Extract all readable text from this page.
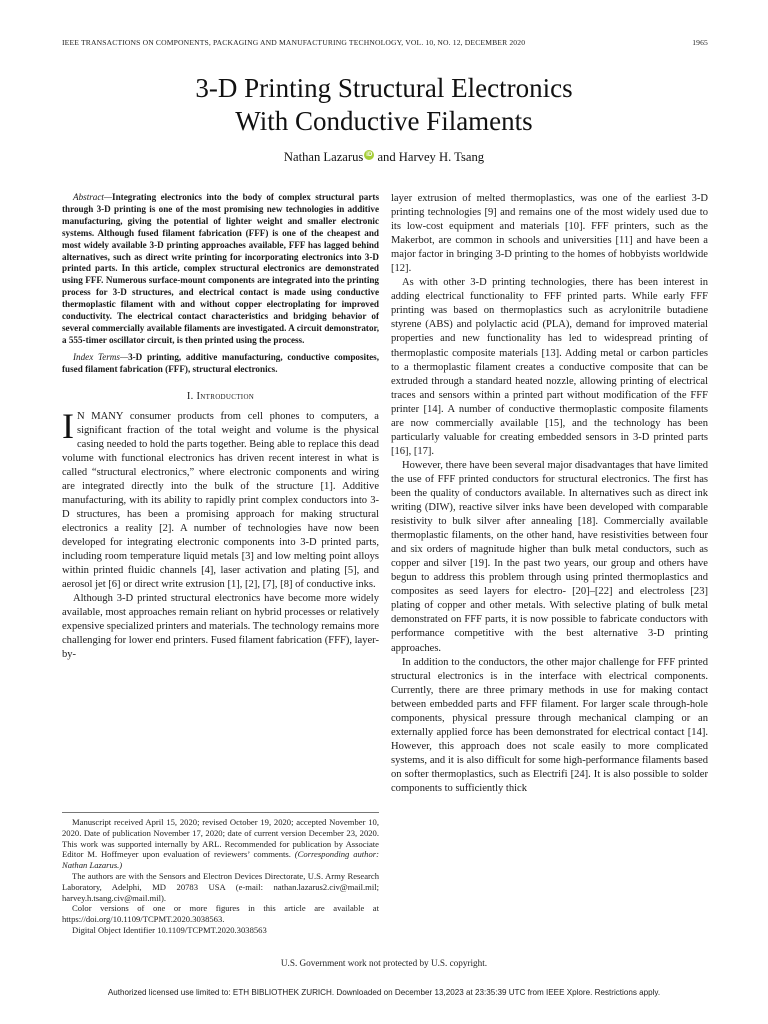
IEEE TRANSACTIONS ON COMPONENTS, PACKAGING AND MANUFACTURING TECHNOLOGY, VOL. 10, NO. 12, DECEMBER 2020	1965
3-D Printing Structural Electronics
With Conductive Filaments
Nathan Lazarus iD and Harvey H. Tsang
Abstract—Integrating electronics into the body of complex structural parts through 3-D printing is one of the most promising new technologies in additive manufacturing, giving the potential of lighter weight and smaller electronic systems. Although fused filament fabrication (FFF) is one of the cheapest and most widely available 3-D printing approaches available, FFF has lagged behind alternatives, such as direct write printing for incorporating electronics into 3-D printed parts. In this article, complex structural electronics are demonstrated using FFF. Numerous surface-mount components are integrated into the printing process for 3-D structures, and electrical contact is made using conductive thermoplastic filament with and without copper electroplating for improved conductivity. The electrical contact characteristics and bridging behavior of several commercially available filaments are investigated. A circuit demonstrator, a 555-timer oscillator circuit, is then printed using the process.
Index Terms—3-D printing, additive manufacturing, conductive composites, fused filament fabrication (FFF), structural electronics.
I. Introduction
I N MANY consumer products from cell phones to computers, a significant fraction of the total weight and volume is the physical casing needed to hold the parts together. Being able to replace this dead volume with functional electronics has driven recent interest in what is called “structural electronics,” where electronic components and wiring are integrated directly into the bulk of the structure [1]. Additive manufacturing, with its ability to rapidly print complex conductors into 3-D structures, has been a promising approach for making structural electronics a reality [2]. A number of technologies have now been developed for integrating electronic components into 3-D printed parts, including room temperature liquid metals [3] and low melting point alloys within printed fluidic channels [4], laser activation and plating [5], and aerosol jet [6] or direct write extrusion [1], [2], [7], [8] of conductive inks.
Although 3-D printed structural electronics have become more widely available, most approaches remain reliant on hybrid processes or relatively expensive specialized printers and materials. The technology remains more challenging for lower end printers. Fused filament fabrication (FFF), layer-by-
Manuscript received April 15, 2020; revised October 19, 2020; accepted November 10, 2020. Date of publication November 17, 2020; date of current version December 23, 2020. This work was supported internally by ARL. Recommended for publication by Associate Editor M. Hoffmeyer upon evaluation of reviewers’ comments. (Corresponding author: Nathan Lazarus.)
The authors are with the Sensors and Electron Devices Directorate, U.S. Army Research Laboratory, Adelphi, MD 20783 USA (e-mail: nathan.lazarus2.civ@mail.mil; harvey.h.tsang.civ@mail.mil).
Color versions of one or more figures in this article are available at https://doi.org/10.1109/TCPMT.2020.3038563.
Digital Object Identifier 10.1109/TCPMT.2020.3038563
layer extrusion of melted thermoplastics, was one of the earliest 3-D printing technologies [9] and remains one of the most widely used due to its low-cost equipment and materials [10]. FFF printers, such as the Makerbot, are common in schools and universities [11] and have been a major factor in bringing 3-D printing to the homes of hobbyists worldwide [12].
As with other 3-D printing technologies, there has been interest in adding electrical functionality to FFF printed parts. While early FFF printing was based on thermoplastics such as acrylonitrile butadiene styrene (ABS) and polylactic acid (PLA), demand for improved material properties and new functionality has led to widespread printing of thermoplastic composite materials [13]. Adding metal or carbon particles to a thermoplastic filament creates a conductive composite that can be extruded through a standard heated nozzle, allowing printing of electrical traces and sensors within a printed part without modification of the FFF printer [14]. A number of conductive thermoplastic composite filaments are now commercially available [15], and the technology has been particularly valuable for creating embedded sensors in 3-D printed parts [16], [17].
However, there have been several major disadvantages that have limited the use of FFF printed conductors for structural electronics. The first has been the quality of conductors available. In alternatives such as direct ink writing (DIW), reactive silver inks have been developed with comparable resistivity to bulk silver after annealing [18]. Commercially available thermoplastic filaments, on the other hand, have resistivities between four and six orders of magnitude higher than bulk metal conductors, such as copper and silver [19]. In the past two years, our group and others have begun to address this problem through using printed thermoplastics and composites as seed layers for electro- [20]–[22] and electroless [23] plating of copper and other metals. With selective plating of bulk metal demonstrated on FFF parts, it is now possible to fabricate conductors with performance competitive with the best alternative 3-D printing approaches.
In addition to the conductors, the other major challenge for FFF printed structural electronics is in the interface with electrical components. Currently, there are three primary methods in use for making contact between embedded parts and FFF filament. For larger scale through-hole components, physical pressure through mechanical clamping or an externally applied force has been demonstrated for electrical contact [14]. However, this approach does not scale easily to more complicated systems, and it is also difficult for some high-performance filaments based on softer thermoplastics, such as Electrifi [24]. It is also possible to solder components to sufficiently thick
U.S. Government work not protected by U.S. copyright.
Authorized licensed use limited to: ETH BIBLIOTHEK ZURICH. Downloaded on December 13,2023 at 23:35:39 UTC from IEEE Xplore. Restrictions apply.
